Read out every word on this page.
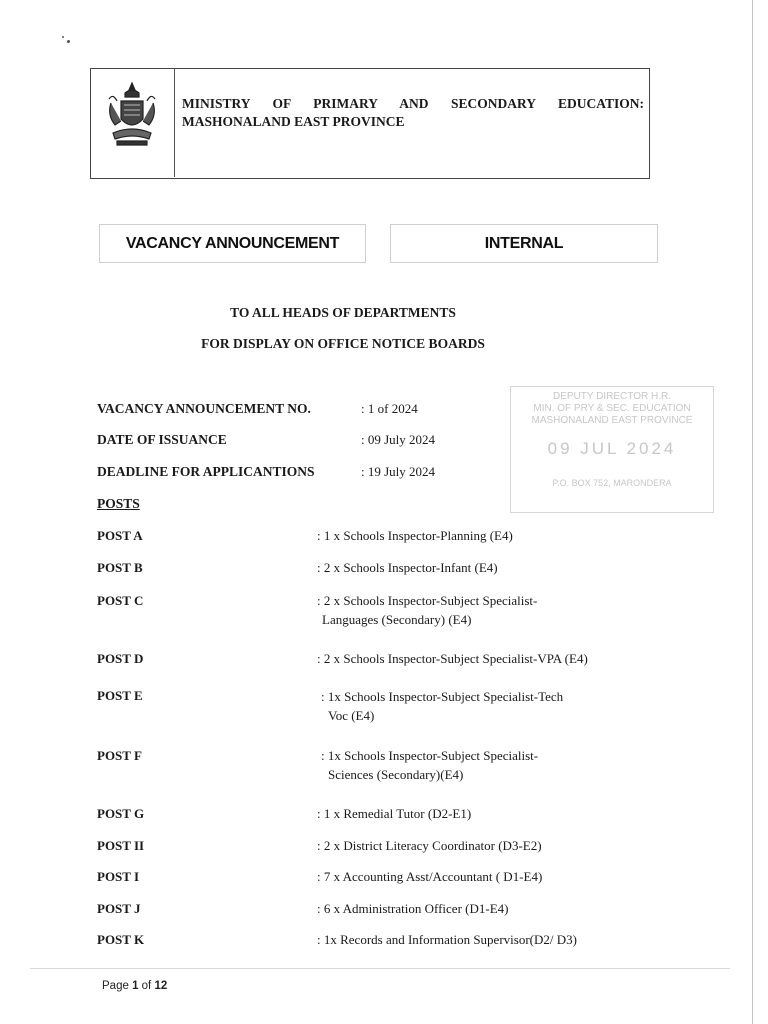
MINISTRY OF PRIMARY AND SECONDARY EDUCATION:
MASHONALAND EAST PROVINCE
VACANCY ANNOUNCEMENT	INTERNAL
TO ALL HEADS OF DEPARTMENTS
FOR DISPLAY ON OFFICE NOTICE BOARDS
DEPUTY DIRECTOR H.R.
MIN. OF PRY & SEC. EDUCATION
MASHONALAND EAST PROVINCE
09 JUL 2024
P.O. BOX 752, MARONDERA
VACANCY ANNOUNCEMENT NO.	: 1 of 2024
DATE OF ISSUANCE	: 09 July 2024
DEADLINE FOR APPLICANTIONS	: 19 July 2024
POSTS
POST A	: 1 x Schools Inspector-Planning (E4)
POST B	: 2 x Schools Inspector-Infant (E4)
POST C	: 2 x Schools Inspector-Subject Specialist-
Languages (Secondary) (E4)
POST D	: 2 x Schools Inspector-Subject Specialist-VPA (E4)
POST E	: 1x Schools Inspector-Subject Specialist-Tech
Voc (E4)
POST F	: 1x Schools Inspector-Subject Specialist-
Sciences (Secondary)(E4)
POST G	: 1 x Remedial Tutor (D2-E1)
POST II	: 2 x District Literacy Coordinator (D3-E2)
POST I	: 7 x Accounting Asst/Accountant ( D1-E4)
POST J	: 6 x Administration Officer (D1-E4)
POST K	: 1x Records and Information Supervisor(D2/ D3)
Page 1 of 12
